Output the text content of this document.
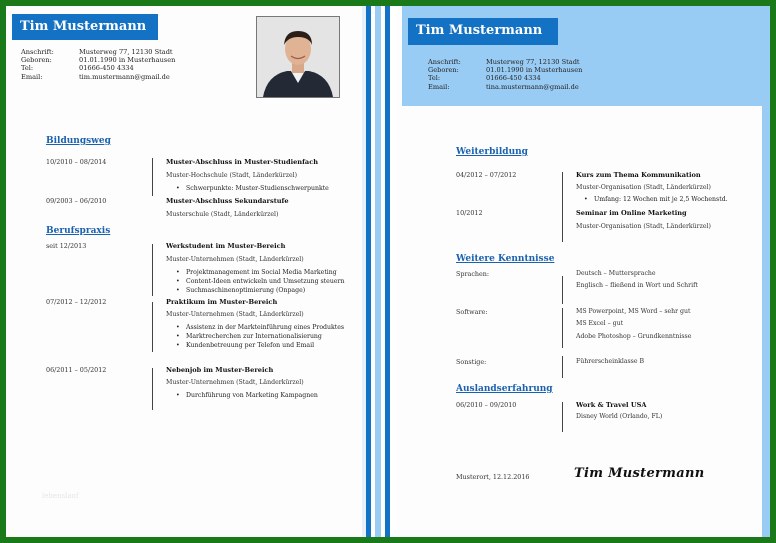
Tim Mustermann
Anschrift:	Musterweg 77, 12130 Stadt
Geboren:	01.01.1990 in Musterhausen
Tel:	01666-450 4334
Email:	tim.mustermann@gmail.de
Bildungsweg
10/2010 – 08/2014	Muster-Abschluss in Muster-Studienfach
Muster-Hochschule (Stadt, Länderkürzel)
• Schwerpunkte: Muster-Studienschwerpunkte
09/2003 – 06/2010	Muster-Abschluss Sekundarstufe
Musterschule (Stadt, Länderkürzel)
Berufspraxis
seit 12/2013	Werkstudent im Muster-Bereich
Muster-Unternehmen (Stadt, Länderkürzel)
• Projektmanagement im Social Media Marketing
• Content-Ideen entwickeln und Umsetzung steuern
• Suchmaschinenoptimierung (Onpage)
07/2012 – 12/2012	Praktikum im Muster-Bereich
Muster-Unternehmen (Stadt, Länderkürzel)
• Assistenz in der Markteinführung eines Produktes
• Marktrecherchen zur Internationalisierung
• Kundenbetreuung per Telefon und Email
06/2011 – 05/2012	Nebenjob im Muster-Bereich
Muster-Unternehmen (Stadt, Länderkürzel)
• Durchführung von Marketing Kampagnen
lebenslauf
Tim Mustermann
Anschrift:	Musterweg 77, 12130 Stadt
Geboren:	01.01.1990 in Musterhausen
Tel:	01666-450 4334
Email:	tina.mustermann@gmail.de
Weiterbildung
04/2012 – 07/2012	Kurs zum Thema Kommunikation
Muster-Organisation (Stadt, Länderkürzel)
• Umfang: 12 Wochen mit je 2,5 Wochenstd.
10/2012	Seminar im Online Marketing
Muster-Organisation (Stadt, Länderkürzel)
Weitere Kenntnisse
Sprachen:	Deutsch – Muttersprache
Englisch – fließend in Wort und Schrift
Software:	MS Powerpoint, MS Word – sehr gut
MS Excel – gut
Adobe Photoshop – Grundkenntnisse
Sonstige:	Führerscheinklasse B
Auslandserfahrung
06/2010 – 09/2010	Work & Travel USA
Disney World (Orlando, FL)
Musterort, 12.12.2016	Tim Mustermann
